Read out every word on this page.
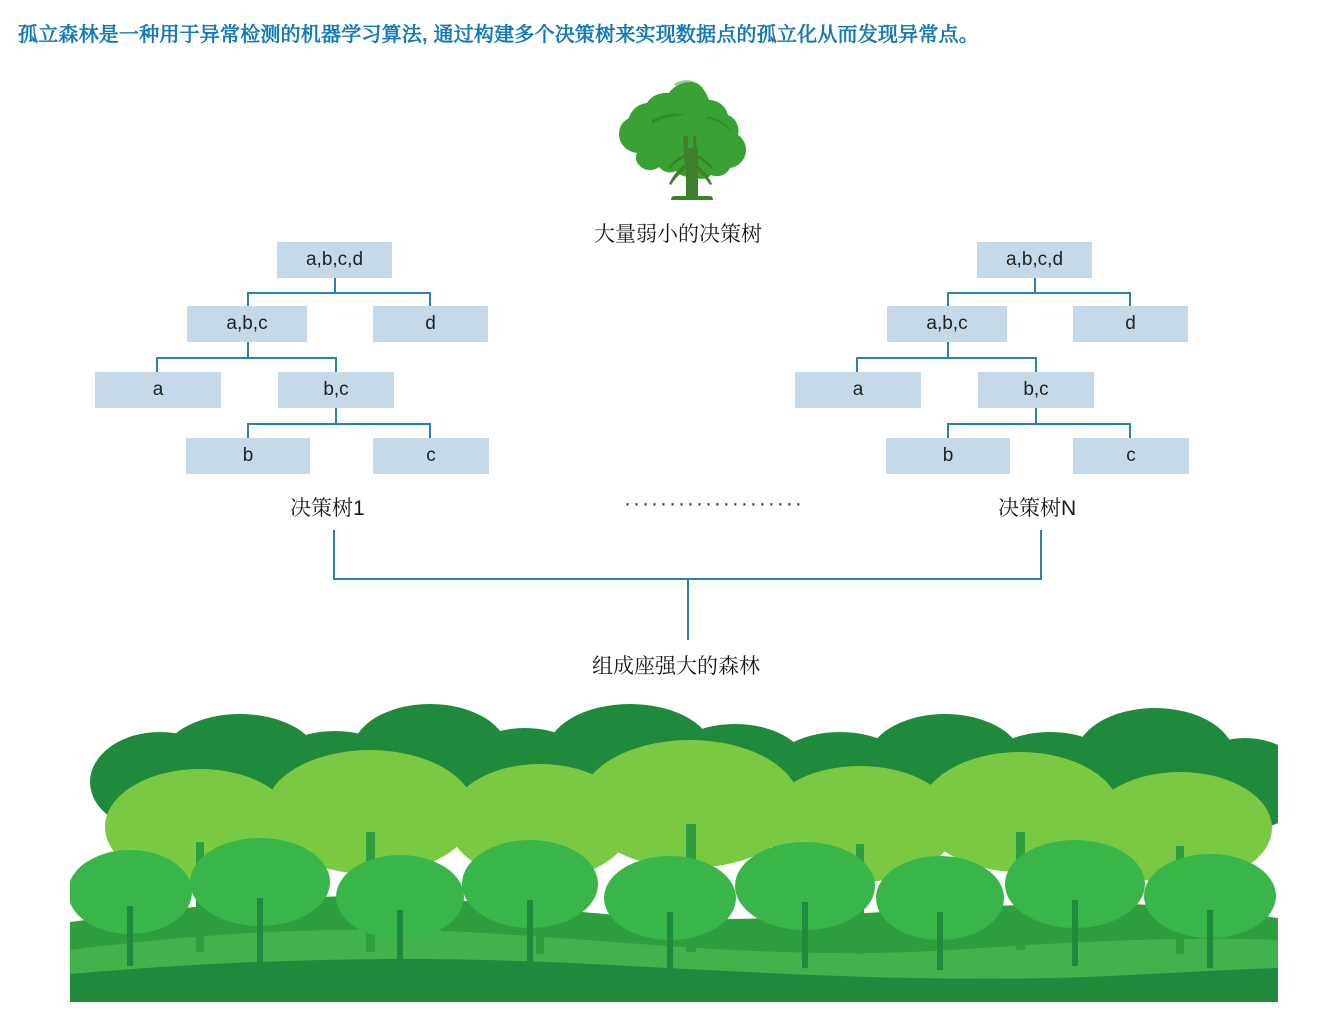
孤立森林是一种用于异常检测的机器学习算法, 通过构建多个决策树来实现数据点的孤立化从而发现异常点。
大量弱小的决策树
a,b,c,d
a,b,c	d
a	b,c
b	c
决策树1	····················
a,b,c,d
a,b,c	d
a	b,c
b	c
决策树N
组成座强大的森林
